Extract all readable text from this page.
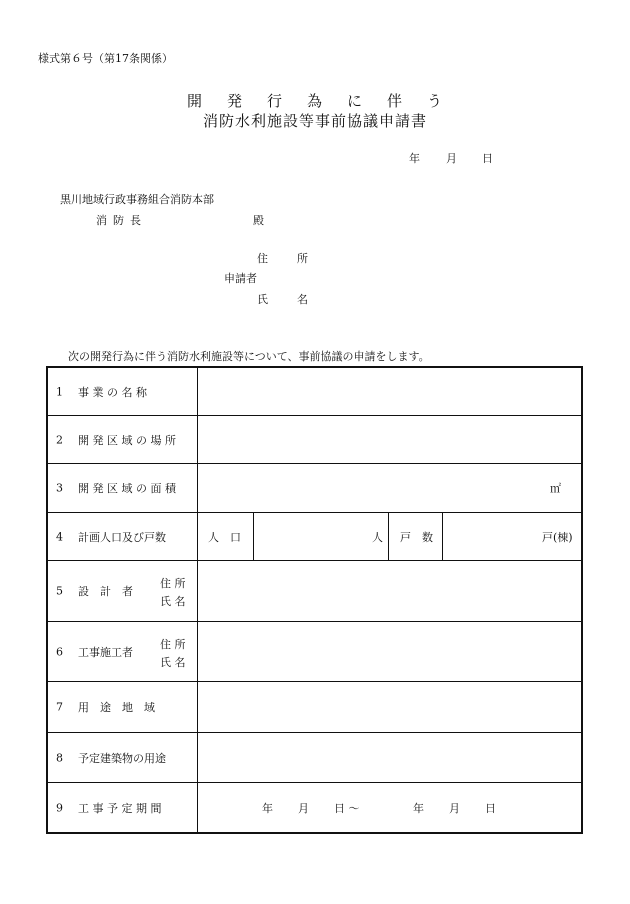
様式第６号（第17条関係）
開 発 行 為 に 伴 う
消防水利施設等事前協議申請書
年 月 日
黒川地域行政事務組合消防本部
消防長	殿
住	所
申請者
氏	名
次の開発行為に伴う消防水利施設等について、事前協議の申請をします。
1 事 業 の 名 称
2 開 発 区 域 の 場 所
3 開 発 区 域 の 面 積	㎡
4 計画人口及び戸数	人　口	人 戸　数	戸(棟)
5 設　計　者
住 所
氏 名
6 工事施工者
住 所
氏 名
7 用　途　地　域
8 予定建築物の用途
9 工 事 予 定 期 間	年 月 日 ～	年 月 日
